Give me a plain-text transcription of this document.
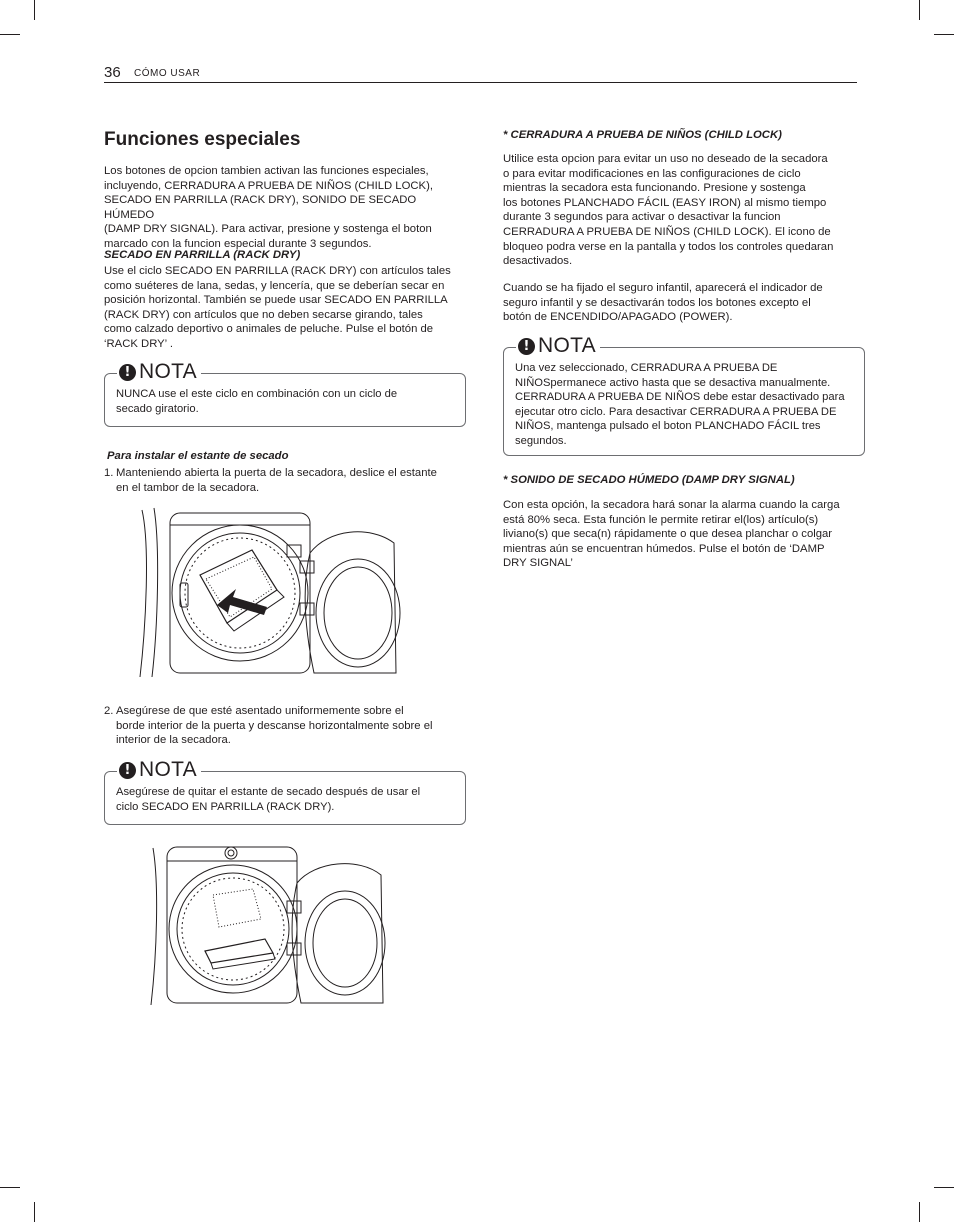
36 CÓMO USAR
Funciones especiales
Los botones de opcion tambien activan las funciones especiales,
incluyendo, CERRADURA A PRUEBA DE NIÑOS (CHILD LOCK),
SECADO EN PARRILLA (RACK DRY), SONIDO DE SECADO HÚMEDO
(DAMP DRY SIGNAL). Para activar, presione y sostenga el boton
marcado con la funcion especial durante 3 segundos.
SECADO EN PARRILLA (RACK DRY)
Use el ciclo SECADO EN PARRILLA (RACK DRY) con artículos tales
como suéteres de lana, sedas, y lencería, que se deberían secar en
posición horizontal. También se puede usar SECADO EN PARRILLA
(RACK DRY) con artículos que no deben secarse girando, tales
como calzado deportivo o animales de peluche. Pulse el botón de
‘RACK DRY’ .
! NOTA
NUNCA use el este ciclo en combinación con un ciclo de
secado giratorio.
Para instalar el estante de secado
1. Manteniendo abierta la puerta de la secadora, deslice el estante
en el tambor de la secadora.
2. Asegúrese de que esté asentado uniformemente sobre el
borde interior de la puerta y descanse horizontalmente sobre el
interior de la secadora.
! NOTA
Asegúrese de quitar el estante de secado después de usar el
ciclo SECADO EN PARRILLA (RACK DRY).
* CERRADURA A PRUEBA DE NIÑOS (CHILD LOCK)
Utilice esta opcion para evitar un uso no deseado de la secadora
o para evitar modificaciones en las configuraciones de ciclo
mientras la secadora esta funcionando. Presione y sostenga
los botones PLANCHADO FÁCIL (EASY IRON) al mismo tiempo
durante 3 segundos para activar o desactivar la funcion
CERRADURA A PRUEBA DE NIÑOS (CHILD LOCK). El icono de
bloqueo podra verse en la pantalla y todos los controles quedaran
desactivados.
Cuando se ha fijado el seguro infantil, aparecerá el indicador de
seguro infantil y se desactivarán todos los botones excepto el
botón de ENCENDIDO/APAGADO (POWER).
! NOTA
Una vez seleccionado, CERRADURA A PRUEBA DE
NIÑOSpermanece activo hasta que se desactiva manualmente.
CERRADURA A PRUEBA DE NIÑOS debe estar desactivado para
ejecutar otro ciclo. Para desactivar CERRADURA A PRUEBA DE
NIÑOS, mantenga pulsado el boton PLANCHADO FÁCIL tres
segundos.
* SONIDO DE SECADO HÚMEDO (DAMP DRY SIGNAL)
Con esta opción, la secadora hará sonar la alarma cuando la carga
está 80% seca. Esta función le permite retirar el(los) artículo(s)
liviano(s) que seca(n) rápidamente o que desea planchar o colgar
mientras aún se encuentran húmedos. Pulse el botón de ‘DAMP
DRY SIGNAL’
